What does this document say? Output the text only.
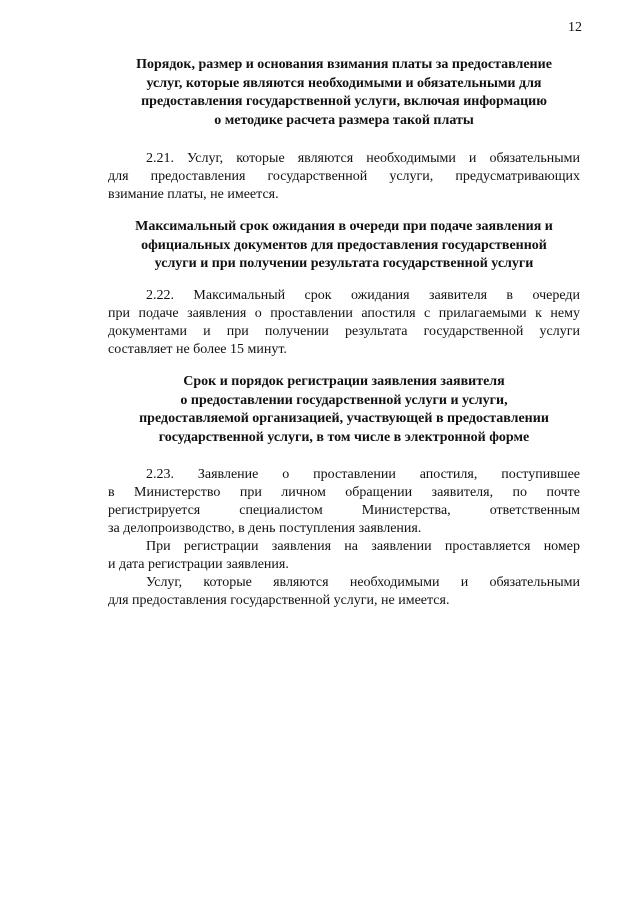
12
Порядок, размер и основания взимания платы за предоставление
услуг, которые являются необходимыми и обязательными для
предоставления государственной услуги, включая информацию
о методике расчета размера такой платы
2.21. Услуг, которые являются необходимыми и обязательными
для предоставления государственной услуги, предусматривающих
взимание платы, не имеется.
Максимальный срок ожидания в очереди при подаче заявления и
официальных документов для предоставления государственной
услуги и при получении результата государственной услуги
2.22. Максимальный срок ожидания заявителя в очереди
при подаче заявления о проставлении апостиля с прилагаемыми к нему
документами и при получении результата государственной услуги
составляет не более 15 минут.
Срок и порядок регистрации заявления заявителя
о предоставлении государственной услуги и услуги,
предоставляемой организацией, участвующей в предоставлении
государственной услуги, в том числе в электронной форме
2.23. Заявление о проставлении апостиля, поступившее
в Министерство при личном обращении заявителя, по почте
регистрируется специалистом Министерства, ответственным
за делопроизводство, в день поступления заявления.
При регистрации заявления на заявлении проставляется номер
и дата регистрации заявления.
Услуг, которые являются необходимыми и обязательными
для предоставления государственной услуги, не имеется.
